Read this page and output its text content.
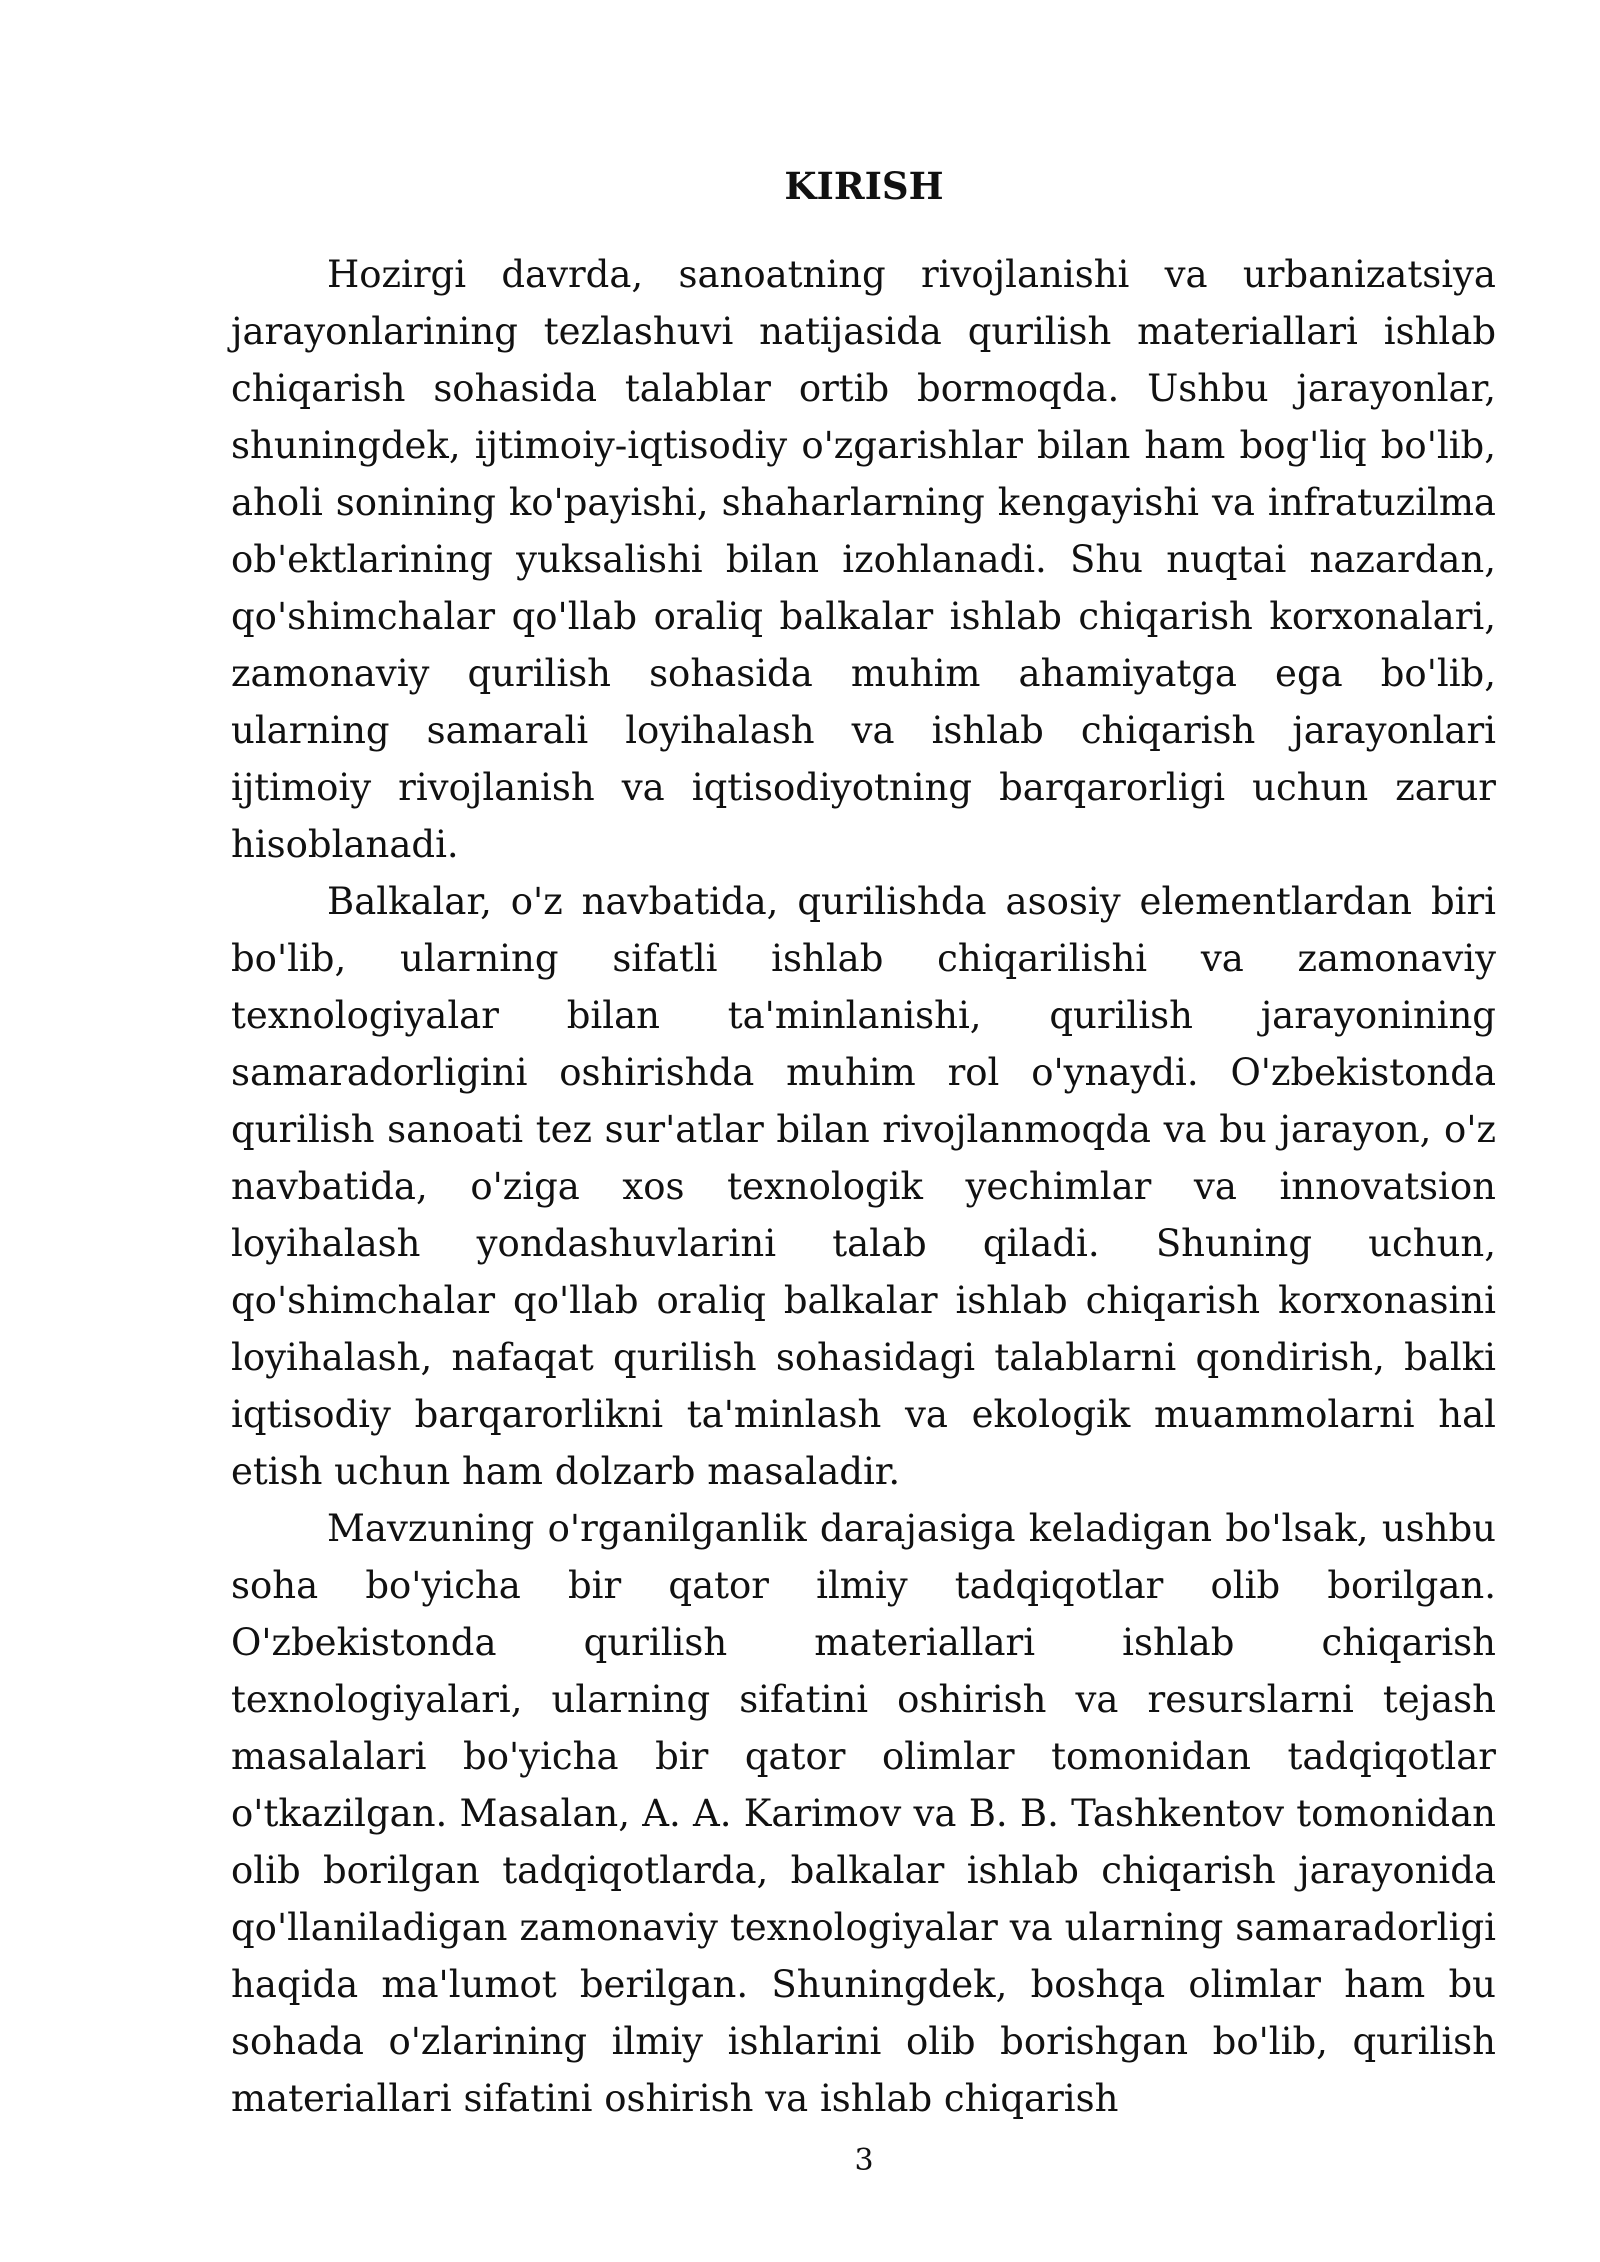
KIRISH

Hozirgi davrda, sanoatning rivojlanishi va urbanizatsiya jarayonlarining tezlashuvi natijasida qurilish materiallari ishlab chiqarish sohasida talablar ortib bormoqda. Ushbu jarayonlar, shuningdek, ijtimoiy-iqtisodiy o'zgarishlar bilan ham bog'liq bo'lib, aholi sonining ko'payishi, shaharlarning kengayishi va infratuzilma ob'ektlarining yuksalishi bilan izohlanadi. Shu nuqtai nazardan, qo'shimchalar qo'llab oraliq balkalar ishlab chiqarish korxonalari, zamonaviy qurilish sohasida muhim ahamiyatga ega bo'lib, ularning samarali loyihalash va ishlab chiqarish jarayonlari ijtimoiy rivojlanish va iqtisodiyotning barqarorligi uchun zarur hisoblanadi.

Balkalar, o'z navbatida, qurilishda asosiy elementlardan biri bo'lib, ularning sifatli ishlab chiqarilishi va zamonaviy texnologiyalar bilan ta'minlanishi, qurilish jarayonining samaradorligini oshirishda muhim rol o'ynaydi. O'zbekistonda qurilish sanoati tez sur'atlar bilan rivojlanmoqda va bu jarayon, o'z navbatida, o'ziga xos texnologik yechimlar va innovatsion loyihalash yondashuvlarini talab qiladi. Shuning uchun, qo'shimchalar qo'llab oraliq balkalar ishlab chiqarish korxonasini loyihalash, nafaqat qurilish sohasidagi talablarni qondirish, balki iqtisodiy barqarorlikni ta'minlash va ekologik muammolarni hal etish uchun ham dolzarb masaladir.

Mavzuning o'rganilganlik darajasiga keladigan bo'lsak, ushbu soha bo'yicha bir qator ilmiy tadqiqotlar olib borilgan. O'zbekistonda qurilish materiallari ishlab chiqarish texnologiyalari, ularning sifatini oshirish va resurslarni tejash masalalari bo'yicha bir qator olimlar tomonidan tadqiqotlar o'tkazilgan. Masalan, A. A. Karimov va B. B. Tashkentov tomonidan olib borilgan tadqiqotlarda, balkalar ishlab chiqarish jarayonida qo'llaniladigan zamonaviy texnologiyalar va ularning samaradorligi haqida ma'lumot berilgan. Shuningdek, boshqa olimlar ham bu sohada o'zlarining ilmiy ishlarini olib borishgan bo'lib, qurilish materiallari sifatini oshirish va ishlab chiqarish

3
